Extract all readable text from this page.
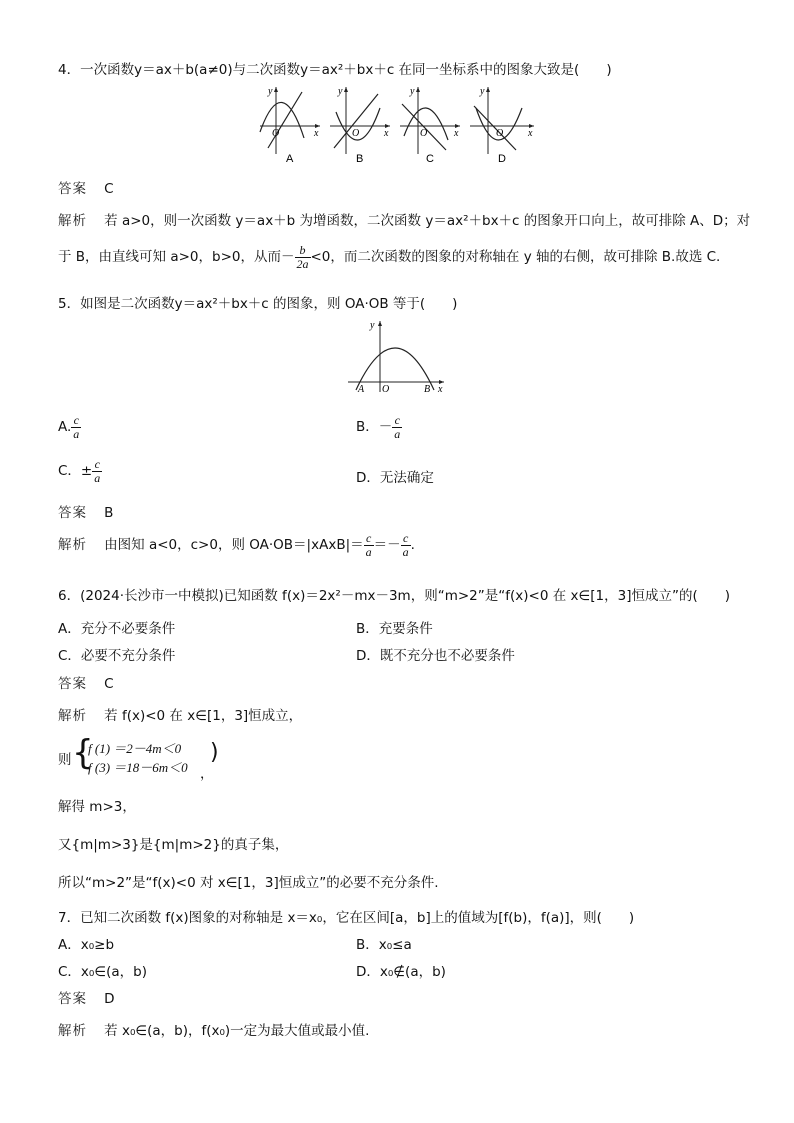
4．一次函数y＝ax＋b(a≠0)与二次函数y＝ax²＋bx＋c 在同一坐标系中的图象大致是(　　)
y
x
O
A
y
x
O
B
y
x
O
C
y
x
O
D
答案 C
解析 若 a>0，则一次函数 y＝ax＋b 为增函数，二次函数 y＝ax²＋bx＋c 的图象开口向上，故可排除 A、D；对
于 B，由直线可知 a>0，b>0，从而－ $\frac{b}{2a} <0$，而二次函数的图象的对称轴在 y 轴的右侧，故可排除 B.故选 C.
5．如图是二次函数y＝ax²＋bx＋c 的图象，则 OA·OB 等于(　　)
y
x
A O	B
A. $\frac{c}{a}$	B．－ $\frac{c}{a}$
C．± $\frac{c}{a}$	D．无法确定
答案 B
解析 由图知 a<0，c>0，则 OA·OB＝|xAxB|＝ $\frac{c}{a} =- \frac{c}{a}$ .
6．(2024·长沙市一中模拟)已知函数 f(x)＝2x²－mx－3m，则“m>2”是“f(x)<0 在 x∈[1，3]恒成立”的(　　)
A．充分不必要条件	B．充要条件
C．必要不充分条件	D．既不充分也不必要条件
答案 C
解析 若 f(x)<0 在 x∈[1，3]恒成立，
则 {
f (1) ＝2－4m＜0
f (3) ＝18－6m＜0 ，
)
解得 m>3，
又{m|m>3}是{m|m>2}的真子集，
所以“m>2”是“f(x)<0 对 x∈[1，3]恒成立”的必要不充分条件.
7．已知二次函数 f(x)图象的对称轴是 x＝x₀，它在区间[a，b]上的值域为[f(b)，f(a)]，则(　　)
A．x₀≥b	B．x₀≤a
C．x₀∈(a，b)	D．x₀∉(a，b)
答案 D
解析 若 x₀∈(a，b)，f(x₀)一定为最大值或最小值.
